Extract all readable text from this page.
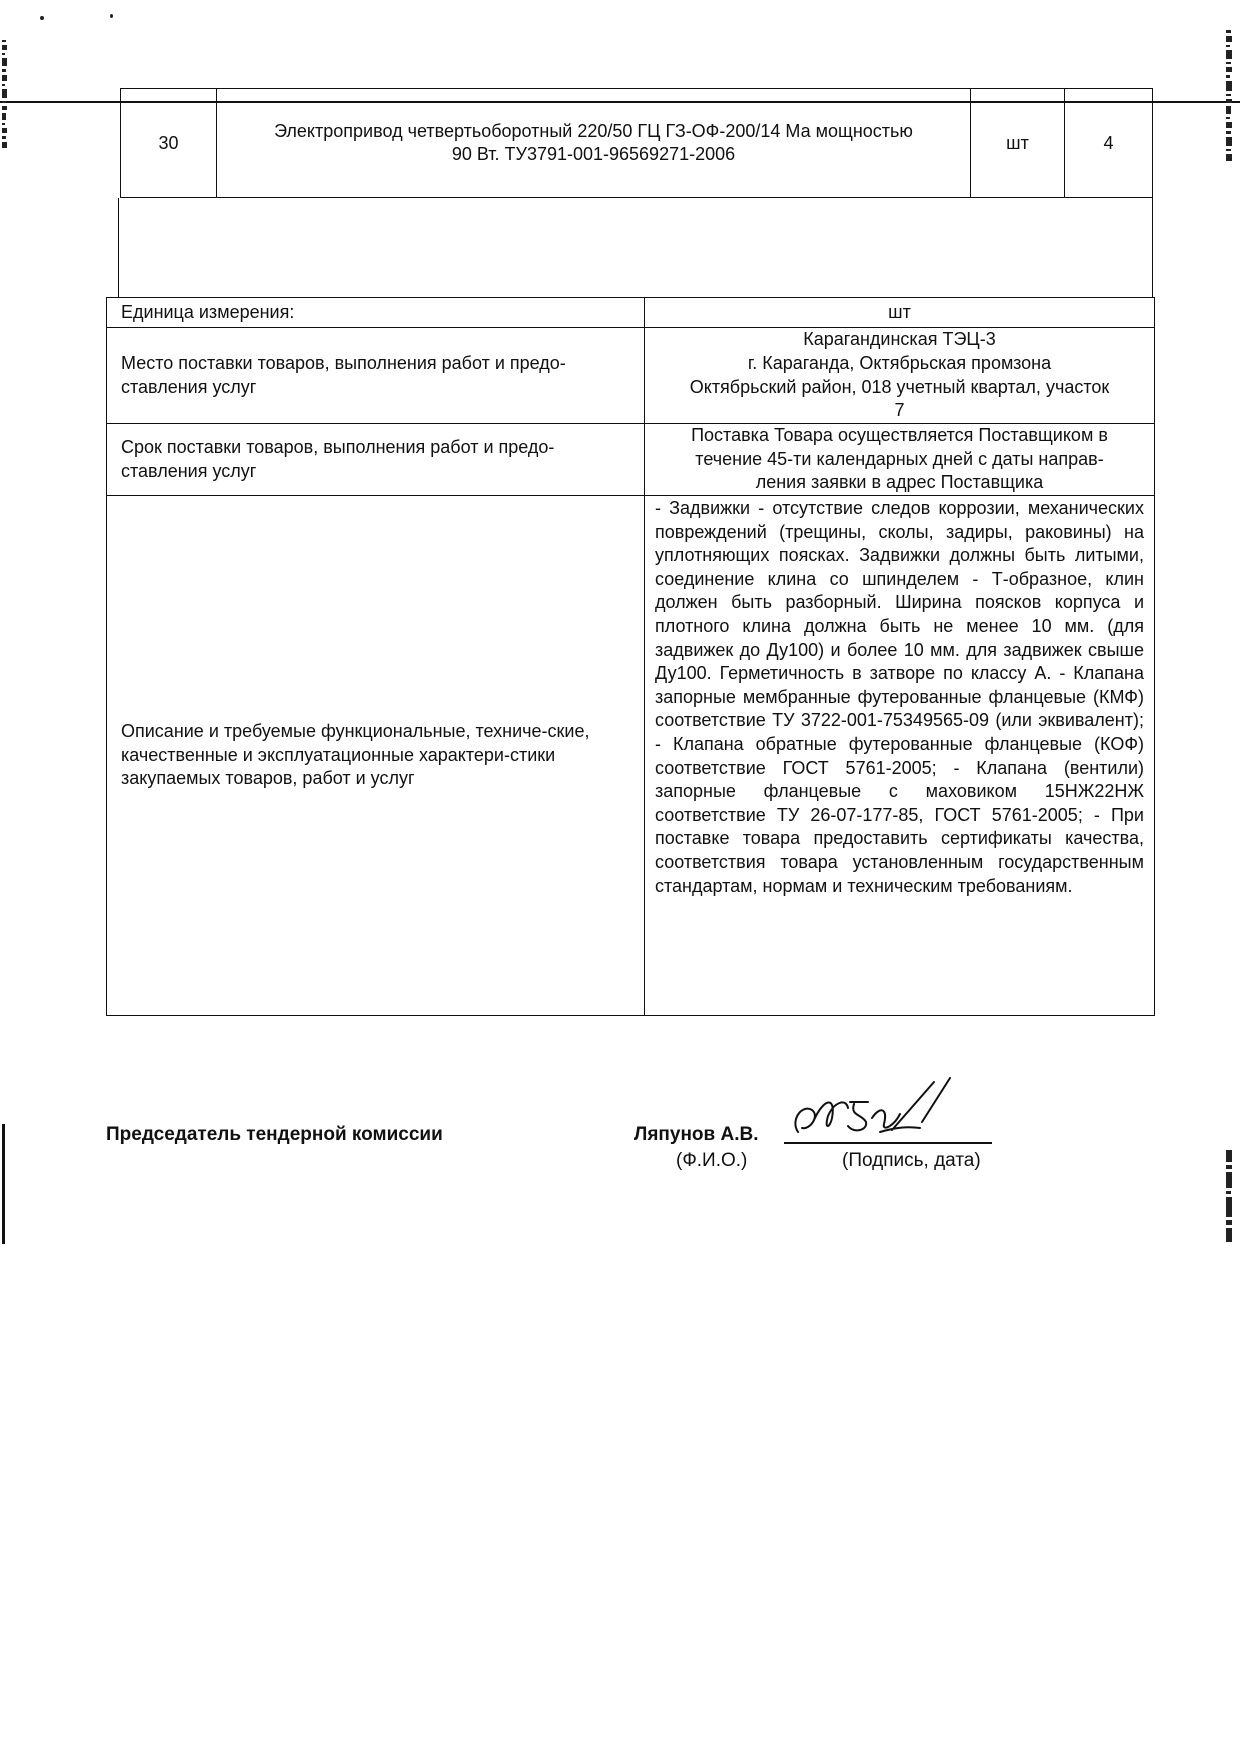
30	Электропривод четвертьоборотный 220/50 ГЦ ГЗ-ОФ-200/14 Ма мощностью
90 Вт. ТУ3791-001-96569271-2006	шт	4
Единица измерения:	шт
Место поставки товаров, выполнения работ и предо-ставления услуг	Карагандинская ТЭЦ-3
г. Караганда, Октябрьская промзона
Октябрьский район, 018 учетный квартал, участок
7

Срок поставки товаров, выполнения работ и предо-ставления услуг	Поставка Товара осуществляется Поставщиком в
течение 45-ти календарных дней с даты направ-
ления заявки в адрес Поставщика

Описание и требуемые функциональные, техниче-ские, качественные и эксплуатационные характери-стики закупаемых товаров, работ и услуг	- Задвижки - отсутствие следов коррозии, механических повреждений (трещины, сколы, задиры, раковины) на уплотняющих поясках. Задвижки должны быть литыми, соединение клина со шпинделем - Т-образное, клин должен быть разборный. Ширина поясков корпуса и плотного клина должна быть не менее 10 мм. (для задвижек до Ду100) и более 10 мм. для задвижек свыше Ду100. Герметичность в затворе по классу А. - Клапана запорные мембранные футерованные фланцевые (КМФ) соответствие ТУ 3722-001-75349565-09 (или эквивалент); - Клапана обратные футерованные фланцевые (КОФ) соответствие ГОСТ 5761-2005; - Клапана (вентили) запорные фланцевые с маховиком 15НЖ22НЖ соответствие ТУ 26-07-177-85, ГОСТ 5761-2005; - При поставке товара предоставить сертификаты качества, соответствия товара установленным государственным стандартам, нормам и техническим требованиям.
Председатель тендерной комиссии	Ляпунов А.В.
(Ф.И.О.)	(Подпись, дата)
